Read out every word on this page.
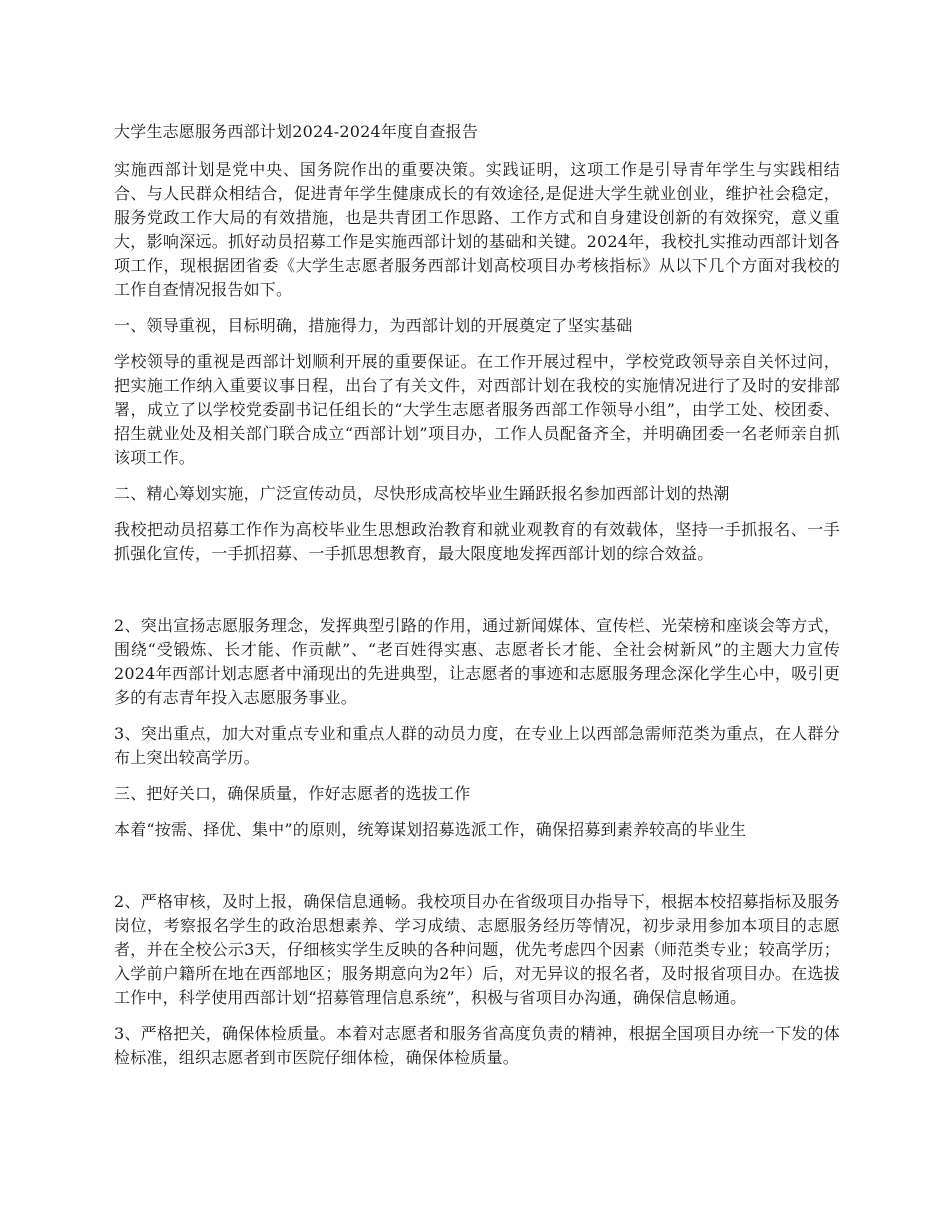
大学生志愿服务西部计划2024-2024年度自查报告

实施西部计划是党中央、国务院作出的重要决策。实践证明，这项工作是引导青年学生与实践相结合、与人民群众相结合，促进青年学生健康成长的有效途径,是促进大学生就业创业，维护社会稳定，服务党政工作大局的有效措施，也是共青团工作思路、工作方式和自身建设创新的有效探究，意义重大，影响深远。抓好动员招募工作是实施西部计划的基础和关键。2024年，我校扎实推动西部计划各项工作，现根据团省委《大学生志愿者服务西部计划高校项目办考核指标》从以下几个方面对我校的工作自查情况报告如下。

一、领导重视，目标明确，措施得力，为西部计划的开展奠定了坚实基础

学校领导的重视是西部计划顺利开展的重要保证。在工作开展过程中，学校党政领导亲自关怀过问，把实施工作纳入重要议事日程，出台了有关文件，对西部计划在我校的实施情况进行了及时的安排部署，成立了以学校党委副书记任组长的“大学生志愿者服务西部工作领导小组”，由学工处、校团委、招生就业处及相关部门联合成立“西部计划”项目办，工作人员配备齐全，并明确团委一名老师亲自抓该项工作。

二、精心筹划实施，广泛宣传动员，尽快形成高校毕业生踊跃报名参加西部计划的热潮

我校把动员招募工作作为高校毕业生思想政治教育和就业观教育的有效载体，坚持一手抓报名、一手抓强化宣传，一手抓招募、一手抓思想教育，最大限度地发挥西部计划的综合效益。

2、突出宣扬志愿服务理念，发挥典型引路的作用，通过新闻媒体、宣传栏、光荣榜和座谈会等方式，围绕“受锻炼、长才能、作贡献”、“老百姓得实惠、志愿者长才能、全社会树新风”的主题大力宣传2024年西部计划志愿者中涌现出的先进典型，让志愿者的事迹和志愿服务理念深化学生心中，吸引更多的有志青年投入志愿服务事业。

3、突出重点，加大对重点专业和重点人群的动员力度，在专业上以西部急需师范类为重点，在人群分布上突出较高学历。

三、把好关口，确保质量，作好志愿者的选拔工作

本着“按需、择优、集中”的原则，统筹谋划招募选派工作，确保招募到素养较高的毕业生

2、严格审核，及时上报，确保信息通畅。我校项目办在省级项目办指导下，根据本校招募指标及服务岗位，考察报名学生的政治思想素养、学习成绩、志愿服务经历等情况，初步录用参加本项目的志愿者，并在全校公示3天，仔细核实学生反映的各种问题，优先考虑四个因素（师范类专业；较高学历；入学前户籍所在地在西部地区；服务期意向为2年）后，对无异议的报名者，及时报省项目办。在选拔工作中，科学使用西部计划“招募管理信息系统”，积极与省项目办沟通，确保信息畅通。

3、严格把关，确保体检质量。本着对志愿者和服务省高度负责的精神，根据全国项目办统一下发的体检标准，组织志愿者到市医院仔细体检，确保体检质量。
